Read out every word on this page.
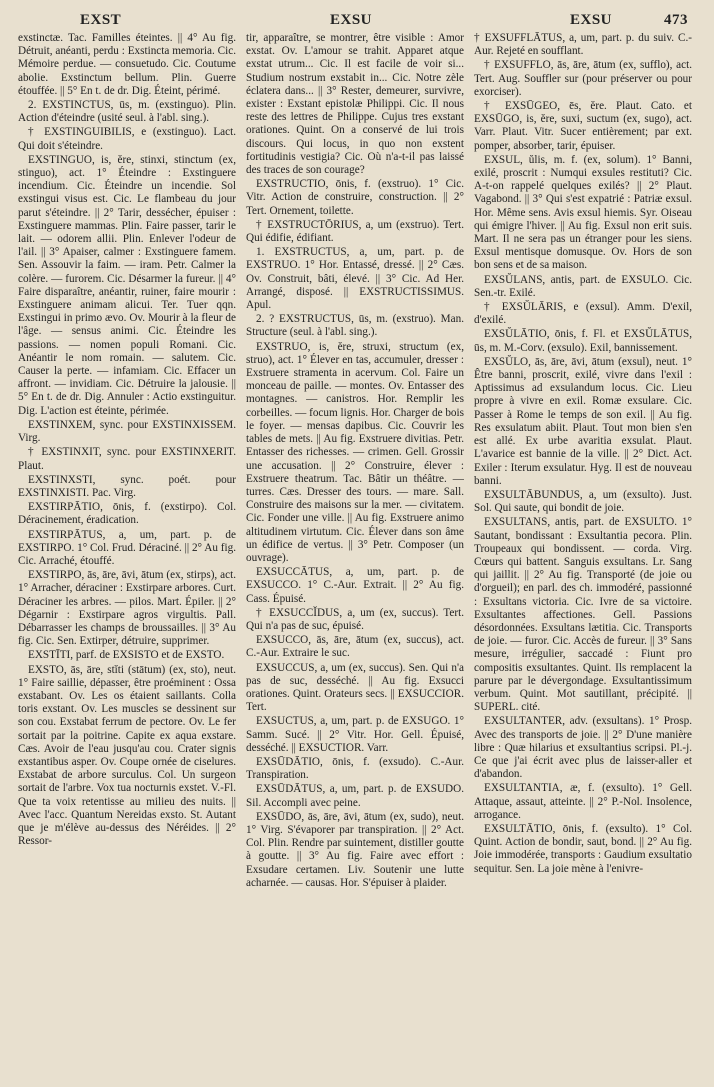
EXST	EXSU	EXSU	473

exstinctæ. Tac. Familles éteintes. || 4° Au fig. Détruit, anéanti, perdu : Exstincta memoria. Cic. Mémoire perdue. — consuetudo. Cic. Coutume abolie. Exstinctum bellum. Plin. Guerre étouffée. || 5° En t. de dr. Dig. Éteint, périmé.

2. EXSTINCTUS, ūs, m. (exstinguo). Plin. Action d'éteindre (usité seul. à l'abl. sing.).

† EXSTINGUIBILIS, e (exstinguo). Lact. Qui doit s'éteindre.

EXSTINGUO, is, ĕre, stinxi, stinctum (ex, stinguo), act. 1° Éteindre : Exstinguere incendium. Cic. Éteindre un incendie. Sol exstingui visus est. Cic. Le flambeau du jour parut s'éteindre. || 2° Tarir, dessécher, épuiser : Exstinguere mammas. Plin. Faire passer, tarir le lait. — odorem allii. Plin. Enlever l'odeur de l'ail. || 3° Apaiser, calmer : Exstinguere famem. Sen. Assouvir la faim. — iram. Petr. Calmer la colère. — furorem. Cic. Désarmer la fureur. || 4° Faire disparaître, anéantir, ruiner, faire mourir : Exstinguere animam alicui. Ter. Tuer qqn. Exstingui in primo ævo. Ov. Mourir à la fleur de l'âge. — sensus animi. Cic. Éteindre les passions. — nomen populi Romani. Cic. Anéantir le nom romain. — salutem. Cic. Causer la perte. — infamiam. Cic. Effacer un affront. — invidiam. Cic. Détruire la jalousie. || 5° En t. de dr. Dig. Annuler : Actio exstinguitur. Dig. L'action est éteinte, périmée.

EXSTINXEM, sync. pour EXSTINXISSEM. Virg.

† EXSTINXIT, sync. pour EXSTINXERIT. Plaut.

EXSTINXSTI, sync. poét. pour EXSTINXISTI. Pac. Virg.

EXSTIRPĀTIO, ōnis, f. (exstirpo). Col. Déracinement, éradication.

EXSTIRPĀTUS, a, um, part. p. de EXSTIRPO. 1° Col. Frud. Déraciné. || 2° Au fig. Cic. Arraché, étouffé.

EXSTIRPO, ās, āre, āvi, ātum (ex, stirps), act. 1° Arracher, déraciner : Exstirpare arbores. Curt. Déraciner les arbres. — pilos. Mart. Épiler. || 2° Dégarnir : Exstirpare agros virgultis. Pall. Débarrasser les champs de broussailles. || 3° Au fig. Cic. Sen. Extirper, détruire, supprimer.

EXSTĪTI, parf. de EXSISTO et de EXSTO.

EXSTO, ās, āre, stĭti (stātum) (ex, sto), neut. 1° Faire saillie, dépasser, être proéminent : Ossa exstabant. Ov. Les os étaient saillants. Colla toris exstant. Ov. Les muscles se dessinent sur son cou. Exstabat ferrum de pectore. Ov. Le fer sortait par la poitrine. Capite ex aqua exstare. Cæs. Avoir de l'eau jusqu'au cou. Crater signis exstantibus asper. Ov. Coupe ornée de ciselures. Exstabat de arbore surculus. Col. Un surgeon sortait de l'arbre. Vox tua nocturnis exstet. V.-Fl. Que ta voix retentisse au milieu des nuits. || Avec l'acc. Quantum Nereidas exsto. St. Autant que je m'élève au-dessus des Néréides. || 2° Ressor-

tir, apparaître, se montrer, être visible : Amor exstat. Ov. L'amour se trahit. Apparet atque exstat utrum... Cic. Il est facile de voir si... Studium nostrum exstabit in... Cic. Notre zèle éclatera dans... || 3° Rester, demeurer, survivre, exister : Exstant epistolæ Philippi. Cic. Il nous reste des lettres de Philippe. Cujus tres exstant orationes. Quint. On a conservé de lui trois discours. Qui locus, in quo non exstent fortitudinis vestigia? Cic. Où n'a-t-il pas laissé des traces de son courage?

EXSTRUCTIO, ōnis, f. (exstruo). 1° Cic. Vitr. Action de construire, construction. || 2° Tert. Ornement, toilette.

† EXSTRUCTŌRIUS, a, um (exstruo). Tert. Qui édifie, édifiant.

1. EXSTRUCTUS, a, um, part. p. de EXSTRUO. 1° Hor. Entassé, dressé. || 2° Cæs. Ov. Construit, bâti, élevé. || 3° Cic. Ad Her. Arrangé, disposé. || EXSTRUCTISSIMUS. Apul.

2. ? EXSTRUCTUS, ūs, m. (exstruo). Man. Structure (seul. à l'abl. sing.).

EXSTRUO, is, ĕre, struxi, structum (ex, struo), act. 1° Élever en tas, accumuler, dresser : Exstruere stramenta in acervum. Col. Faire un monceau de paille. — montes. Ov. Entasser des montagnes. — canistros. Hor. Remplir les corbeilles. — focum lignis. Hor. Charger de bois le foyer. — mensas dapibus. Cic. Couvrir les tables de mets. || Au fig. Exstruere divitias. Petr. Entasser des richesses. — crimen. Gell. Grossir une accusation. || 2° Construire, élever : Exstruere theatrum. Tac. Bâtir un théâtre. — turres. Cæs. Dresser des tours. — mare. Sall. Construire des maisons sur la mer. — civitatem. Cic. Fonder une ville. || Au fig. Exstruere animo altitudinem virtutum. Cic. Élever dans son âme un édifice de vertus. || 3° Petr. Composer (un ouvrage).

EXSUCCĀTUS, a, um, part. p. de EXSUCCO. 1° C.-Aur. Extrait. || 2° Au fig. Cass. Épuisé.

† EXSUCCĬDUS, a, um (ex, succus). Tert. Qui n'a pas de suc, épuisé.

EXSUCCO, ās, āre, ātum (ex, succus), act. C.-Aur. Extraire le suc.

EXSUCCUS, a, um (ex, succus). Sen. Qui n'a pas de suc, desséché. || Au fig. Exsucci orationes. Quint. Orateurs secs. || EXSUCCIOR. Tert.

EXSUCTUS, a, um, part. p. de EXSUGO. 1° Samm. Sucé. || 2° Vitr. Hor. Gell. Épuisé, desséché. || EXSUCTIOR. Varr.

EXSŪDĀTIO, ōnis, f. (exsudo). C.-Aur. Transpiration.

EXSŪDĀTUS, a, um, part. p. de EXSUDO. Sil. Accompli avec peine.

EXSŪDO, ās, āre, āvi, ātum (ex, sudo), neut. 1° Virg. S'évaporer par transpiration. || 2° Act. Col. Plin. Rendre par suintement, distiller goutte à goutte. || 3° Au fig. Faire avec effort : Exsudare certamen. Liv. Soutenir une lutte acharnée. — causas. Hor. S'épuiser à plaider.

† EXSUFFLĀTUS, a, um, part. p. du suiv. C.-Aur. Rejeté en soufflant.

† EXSUFFLO, ās, āre, ātum (ex, sufflo), act. Tert. Aug. Souffler sur (pour préserver ou pour exorciser).

† EXSŪGEO, ēs, ĕre. Plaut. Cato. et EXSŪGO, is, ĕre, suxi, suctum (ex, sugo), act. Varr. Plaut. Vitr. Sucer entièrement; par ext. pomper, absorber, tarir, épuiser.

EXSUL, ŭlis, m. f. (ex, solum). 1° Banni, exilé, proscrit : Numqui exsules restituti? Cic. A-t-on rappelé quelques exilés? || 2° Plaut. Vagabond. || 3° Qui s'est expatrié : Patriæ exsul. Hor. Même sens. Avis exsul hiemis. Syr. Oiseau qui émigre l'hiver. || Au fig. Exsul non erit suis. Mart. Il ne sera pas un étranger pour les siens. Exsul mentisque domusque. Ov. Hors de son bon sens et de sa maison.

EXSŬLANS, antis, part. de EXSULO. Cic. Sen.-tr. Exilé.

† EXSŬLĀRIS, e (exsul). Amm. D'exil, d'exilé.

EXSŬLĀTIO, ōnis, f. Fl. et EXSŬLĀTUS, ūs, m. M.-Corv. (exsulo). Exil, bannissement.

EXSŬLO, ās, āre, āvi, ātum (exsul), neut. 1° Être banni, proscrit, exilé, vivre dans l'exil : Aptissimus ad exsulandum locus. Cic. Lieu propre à vivre en exil. Romæ exsulare. Cic. Passer à Rome le temps de son exil. || Au fig. Res exsulatum abiit. Plaut. Tout mon bien s'en est allé. Ex urbe avaritia exsulat. Plaut. L'avarice est bannie de la ville. || 2° Dict. Act. Exiler : Iterum exsulatur. Hyg. Il est de nouveau banni.

EXSULTĀBUNDUS, a, um (exsulto). Just. Sol. Qui saute, qui bondit de joie.

EXSULTANS, antis, part. de EXSULTO. 1° Sautant, bondissant : Exsultantia pecora. Plin. Troupeaux qui bondissent. — corda. Virg. Cœurs qui battent. Sanguis exsultans. Lr. Sang qui jaillit. || 2° Au fig. Transporté (de joie ou d'orgueil); en parl. des ch. immodéré, passionné : Exsultans victoria. Cic. Ivre de sa victoire. Exsultantes affectiones. Gell. Passions désordonnées. Exsultans lætitia. Cic. Transports de joie. — furor. Cic. Accès de fureur. || 3° Sans mesure, irrégulier, saccadé : Fiunt pro compositis exsultantes. Quint. Ils remplacent la parure par le dévergondage. Exsultantissimum verbum. Quint. Mot sautillant, précipité. || SUPERL. cité.

EXSULTANTER, adv. (exsultans). 1° Prosp. Avec des transports de joie. || 2° D'une manière libre : Quæ hilarius et exsultantius scripsi. Pl.-j. Ce que j'ai écrit avec plus de laisser-aller et d'abandon.

EXSULTANTIA, æ, f. (exsulto). 1° Gell. Attaque, assaut, atteinte. || 2° P.-Nol. Insolence, arrogance.

EXSULTĀTIO, ōnis, f. (exsulto). 1° Col. Quint. Action de bondir, saut, bond. || 2° Au fig. Joie immodérée, transports : Gaudium exsultatio sequitur. Sen. La joie mène à l'enivre-
